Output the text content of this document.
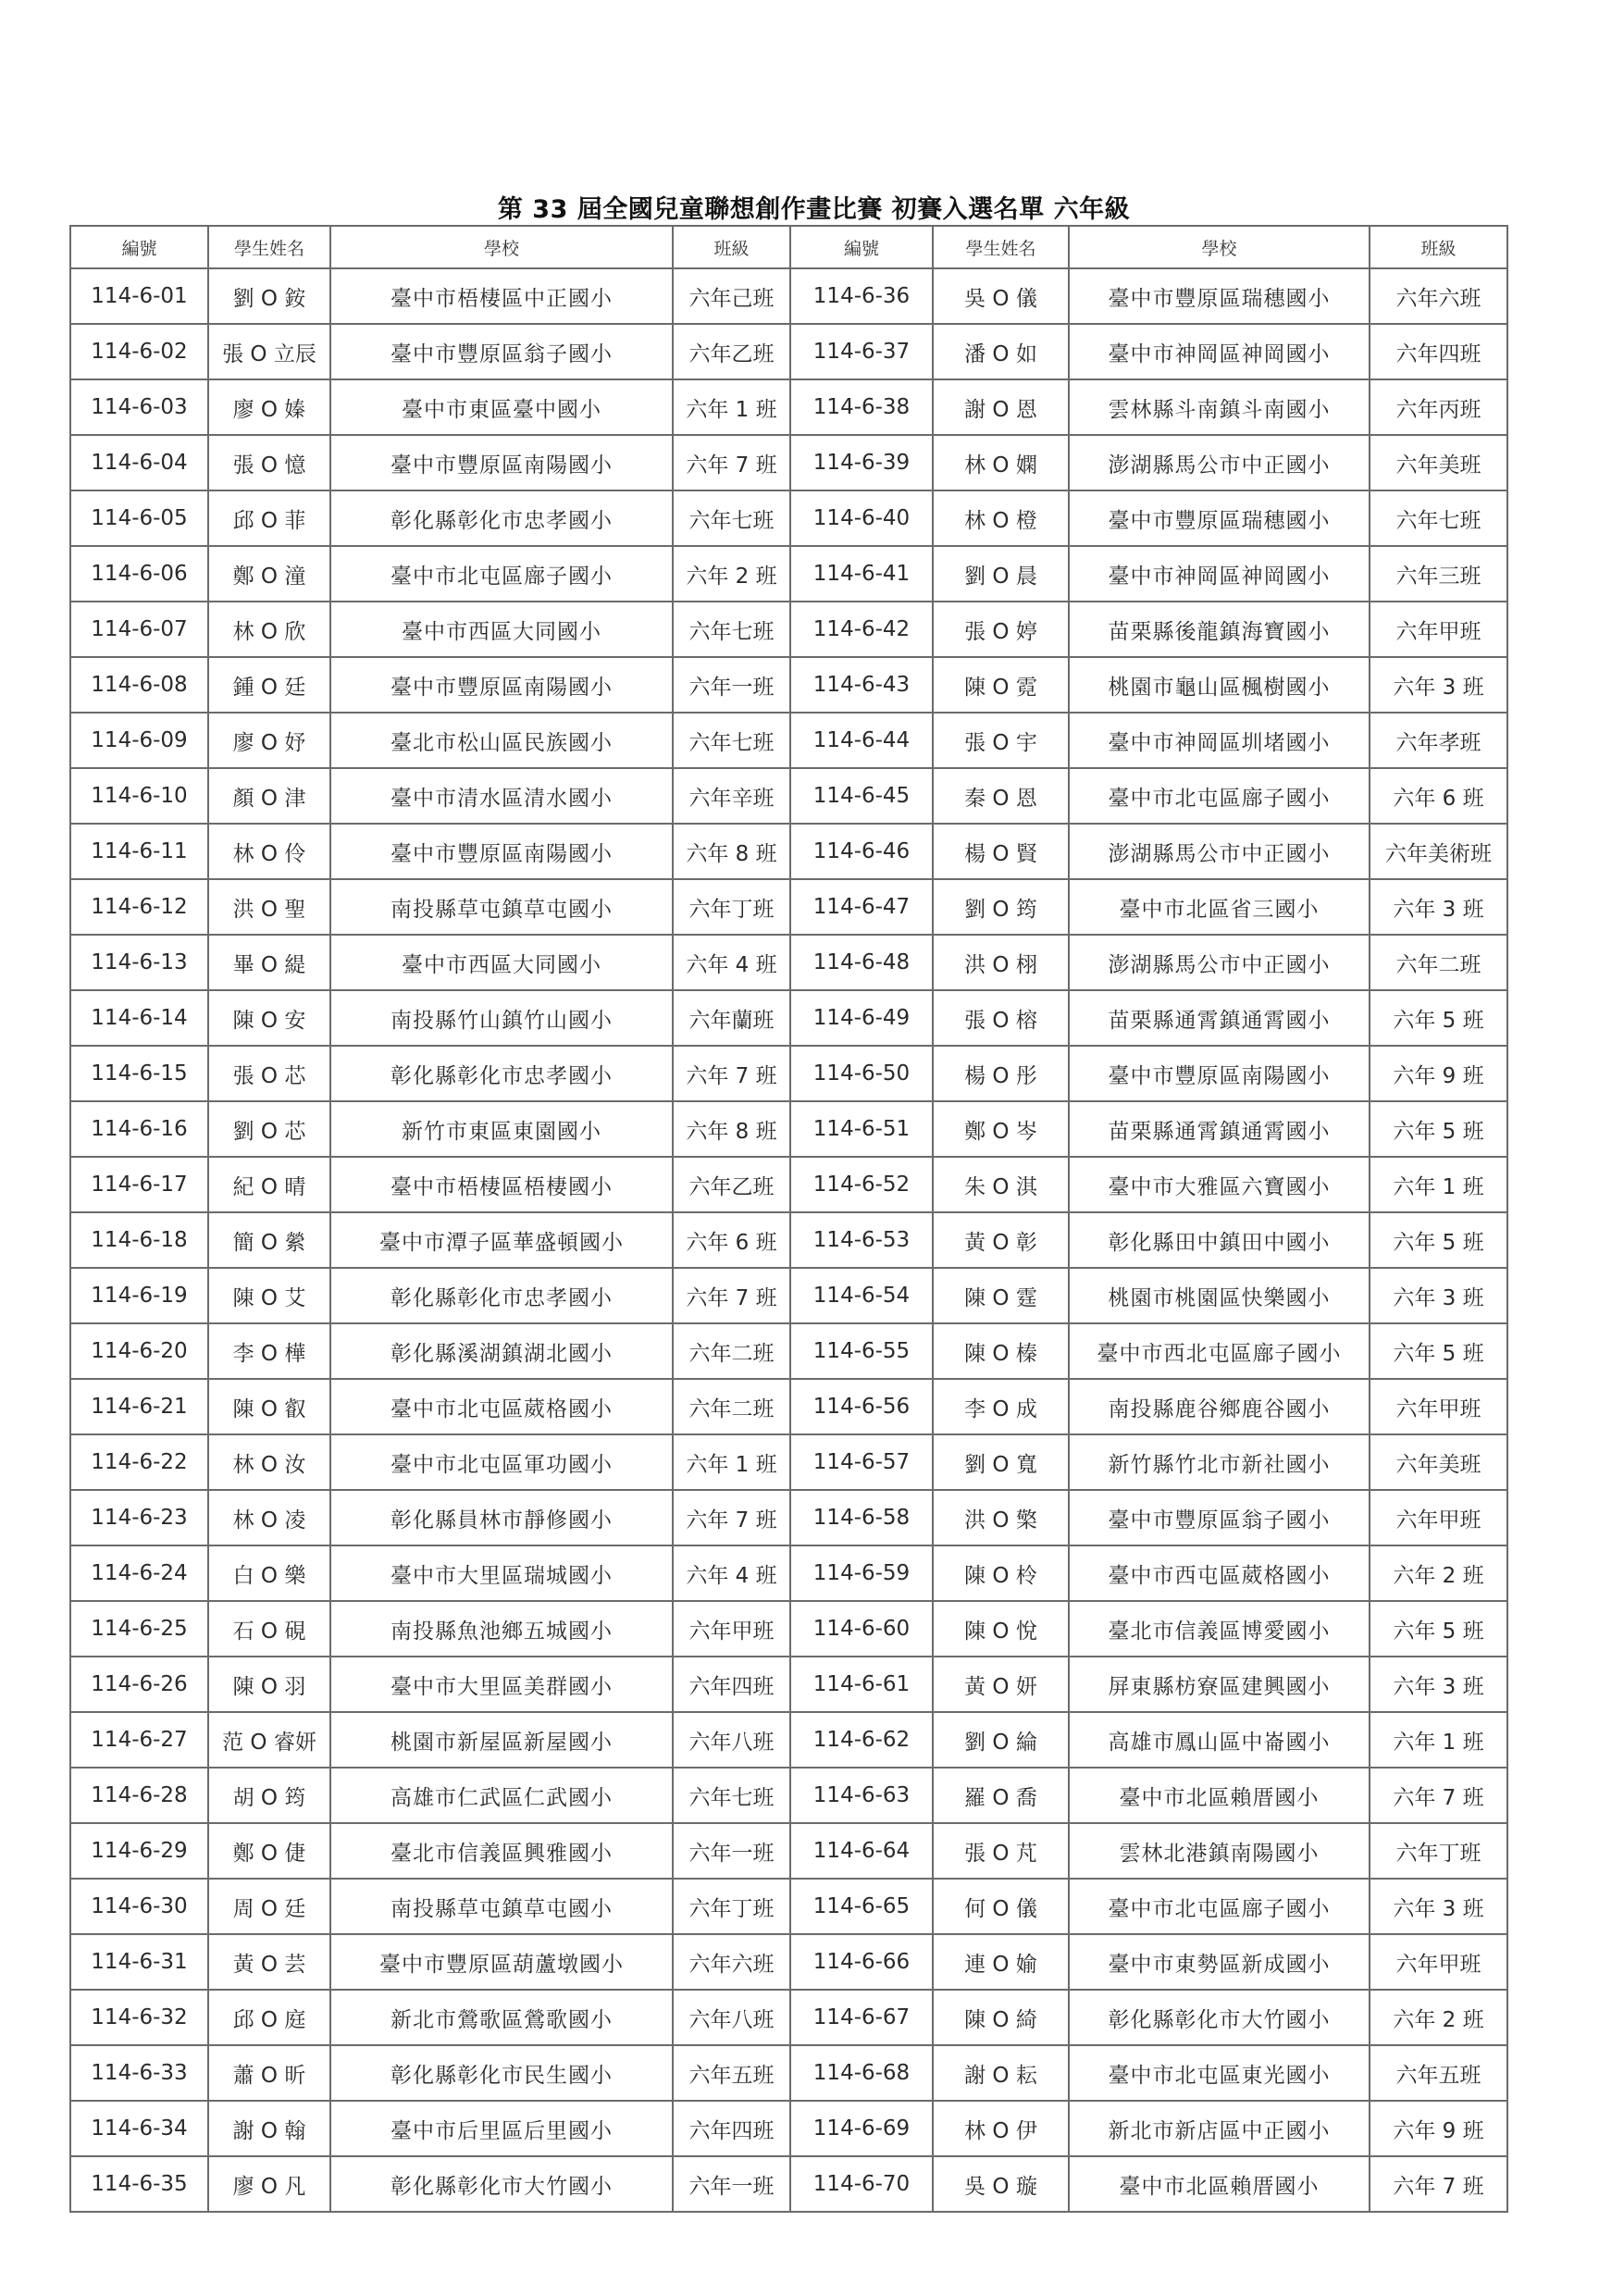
第 33 屆全國兒童聯想創作畫比賽 初賽入選名單 六年級
編號	學生姓名	學校	班級	編號	學生姓名	學校	班級
114-6-01	劉 O 銨	臺中市梧棲區中正國小	六年己班	114-6-36	吳 O 儀	臺中市豐原區瑞穗國小	六年六班
114-6-02	張 O 立辰	臺中市豐原區翁子國小	六年乙班	114-6-37	潘 O 如	臺中市神岡區神岡國小	六年四班
114-6-03	廖 O 嫀	臺中市東區臺中國小	六年 1 班	114-6-38	謝 O 恩	雲林縣斗南鎮斗南國小	六年丙班
114-6-04	張 O 憶	臺中市豐原區南陽國小	六年 7 班	114-6-39	林 O 嫻	澎湖縣馬公市中正國小	六年美班
114-6-05	邱 O 菲	彰化縣彰化市忠孝國小	六年七班	114-6-40	林 O 橙	臺中市豐原區瑞穗國小	六年七班
114-6-06	鄭 O 潼	臺中市北屯區廍子國小	六年 2 班	114-6-41	劉 O 晨	臺中市神岡區神岡國小	六年三班
114-6-07	林 O 欣	臺中市西區大同國小	六年七班	114-6-42	張 O 婷	苗栗縣後龍鎮海寶國小	六年甲班
114-6-08	鍾 O 廷	臺中市豐原區南陽國小	六年一班	114-6-43	陳 O 霓	桃園市龜山區楓樹國小	六年 3 班
114-6-09	廖 O 妤	臺北市松山區民族國小	六年七班	114-6-44	張 O 宇	臺中市神岡區圳堵國小	六年孝班
114-6-10	顏 O 津	臺中市清水區清水國小	六年辛班	114-6-45	秦 O 恩	臺中市北屯區廍子國小	六年 6 班
114-6-11	林 O 伶	臺中市豐原區南陽國小	六年 8 班	114-6-46	楊 O 賢	澎湖縣馬公市中正國小	六年美術班
114-6-12	洪 O 聖	南投縣草屯鎮草屯國小	六年丁班	114-6-47	劉 O 筠	臺中市北區省三國小	六年 3 班
114-6-13	畢 O 緹	臺中市西區大同國小	六年 4 班	114-6-48	洪 O 栩	澎湖縣馬公市中正國小	六年二班
114-6-14	陳 O 安	南投縣竹山鎮竹山國小	六年蘭班	114-6-49	張 O 榕	苗栗縣通霄鎮通霄國小	六年 5 班
114-6-15	張 O 芯	彰化縣彰化市忠孝國小	六年 7 班	114-6-50	楊 O 彤	臺中市豐原區南陽國小	六年 9 班
114-6-16	劉 O 芯	新竹市東區東園國小	六年 8 班	114-6-51	鄭 O 岑	苗栗縣通霄鎮通霄國小	六年 5 班
114-6-17	紀 O 晴	臺中市梧棲區梧棲國小	六年乙班	114-6-52	朱 O 淇	臺中市大雅區六寶國小	六年 1 班
114-6-18	簡 O 縈	臺中市潭子區華盛頓國小	六年 6 班	114-6-53	黃 O 彰	彰化縣田中鎮田中國小	六年 5 班
114-6-19	陳 O 艾	彰化縣彰化市忠孝國小	六年 7 班	114-6-54	陳 O 霆	桃園市桃園區快樂國小	六年 3 班
114-6-20	李 O 樺	彰化縣溪湖鎮湖北國小	六年二班	114-6-55	陳 O 榛	臺中市西北屯區廍子國小	六年 5 班
114-6-21	陳 O 叡	臺中市北屯區葳格國小	六年二班	114-6-56	李 O 成	南投縣鹿谷鄉鹿谷國小	六年甲班
114-6-22	林 O 汝	臺中市北屯區軍功國小	六年 1 班	114-6-57	劉 O 寬	新竹縣竹北市新社國小	六年美班
114-6-23	林 O 凌	彰化縣員林市靜修國小	六年 7 班	114-6-58	洪 O 檠	臺中市豐原區翁子國小	六年甲班
114-6-24	白 O 樂	臺中市大里區瑞城國小	六年 4 班	114-6-59	陳 O 柃	臺中市西屯區葳格國小	六年 2 班
114-6-25	石 O 硯	南投縣魚池鄉五城國小	六年甲班	114-6-60	陳 O 悅	臺北市信義區博愛國小	六年 5 班
114-6-26	陳 O 羽	臺中市大里區美群國小	六年四班	114-6-61	黃 O 妍	屏東縣枋寮區建興國小	六年 3 班
114-6-27	范 O 睿妍	桃園市新屋區新屋國小	六年八班	114-6-62	劉 O 綸	高雄市鳳山區中崙國小	六年 1 班
114-6-28	胡 O 筠	高雄市仁武區仁武國小	六年七班	114-6-63	羅 O 喬	臺中市北區賴厝國小	六年 7 班
114-6-29	鄭 O 倢	臺北市信義區興雅國小	六年一班	114-6-64	張 O 芃	雲林北港鎮南陽國小	六年丁班
114-6-30	周 O 廷	南投縣草屯鎮草屯國小	六年丁班	114-6-65	何 O 儀	臺中市北屯區廍子國小	六年 3 班
114-6-31	黃 O 芸	臺中市豐原區葫蘆墩國小	六年六班	114-6-66	連 O 媮	臺中市東勢區新成國小	六年甲班
114-6-32	邱 O 庭	新北市鶯歌區鶯歌國小	六年八班	114-6-67	陳 O 綺	彰化縣彰化市大竹國小	六年 2 班
114-6-33	蕭 O 昕	彰化縣彰化市民生國小	六年五班	114-6-68	謝 O 耘	臺中市北屯區東光國小	六年五班
114-6-34	謝 O 翰	臺中市后里區后里國小	六年四班	114-6-69	林 O 伊	新北市新店區中正國小	六年 9 班
114-6-35	廖 O 凡	彰化縣彰化市大竹國小	六年一班	114-6-70	吳 O 璇	臺中市北區賴厝國小	六年 7 班
